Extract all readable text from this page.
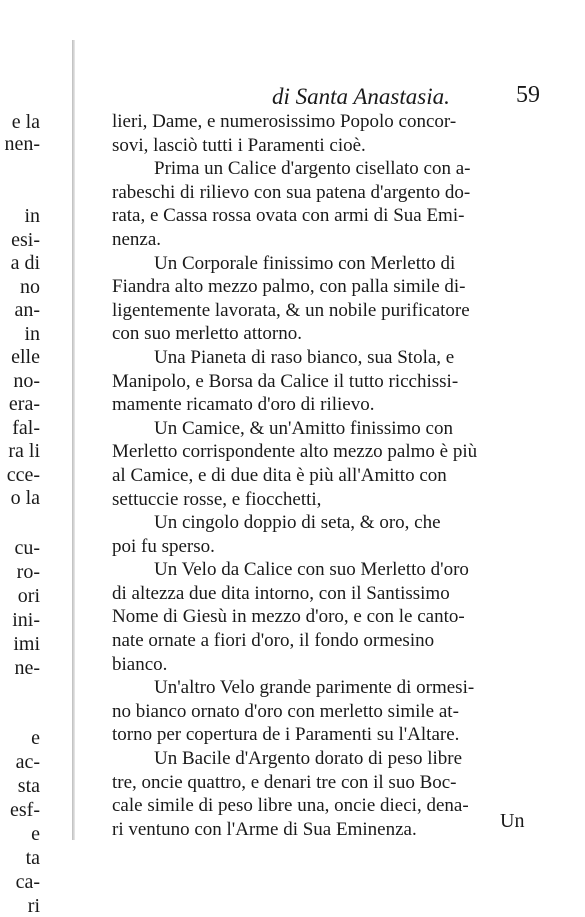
e la
nen-
in
esi-
a di
no
an-
in
elle
no-
era-
fal-
ra li
cce-
o la
cu-
ro-
ori
ini-
imi
ne-
e
ac-
sta
esf-
e
ta
ca-
ri
di Santa Anastasia.	59
lieri, Dame, e numerosissimo Popolo concor-
sovi, lasciò tutti i Paramenti cioè.
Prima un Calice d'argento cisellato con a-
rabeschi di rilievo con sua patena d'argento do-
rata, e Cassa rossa ovata con armi di Sua Emi-
nenza.
Un Corporale finissimo con Merletto di
Fiandra alto mezzo palmo, con palla simile di-
ligentemente lavorata, & un nobile purificatore
con suo merletto attorno.
Una Pianeta di raso bianco, sua Stola, e
Manipolo, e Borsa da Calice il tutto ricchissi-
mamente ricamato d'oro di rilievo.
Un Camice, & un'Amitto finissimo con
Merletto corrispondente alto mezzo palmo è più
al Camice, e di due dita è più all'Amitto con
settuccie rosse, e fiocchetti,
Un cingolo doppio di seta, & oro, che
poi fu sperso.
Un Velo da Calice con suo Merletto d'oro
di altezza due dita intorno, con il Santissimo
Nome di Giesù in mezzo d'oro, e con le canto-
nate ornate a fiori d'oro, il fondo ormesino
bianco.
Un'altro Velo grande parimente di ormesi-
no bianco ornato d'oro con merletto simile at-
torno per copertura de i Paramenti su l'Altare.
Un Bacile d'Argento dorato di peso libre
tre, oncie quattro, e denari tre con il suo Boc-
cale simile di peso libre una, oncie dieci, dena-
ri ventuno con l'Arme di Sua Eminenza.	Un
